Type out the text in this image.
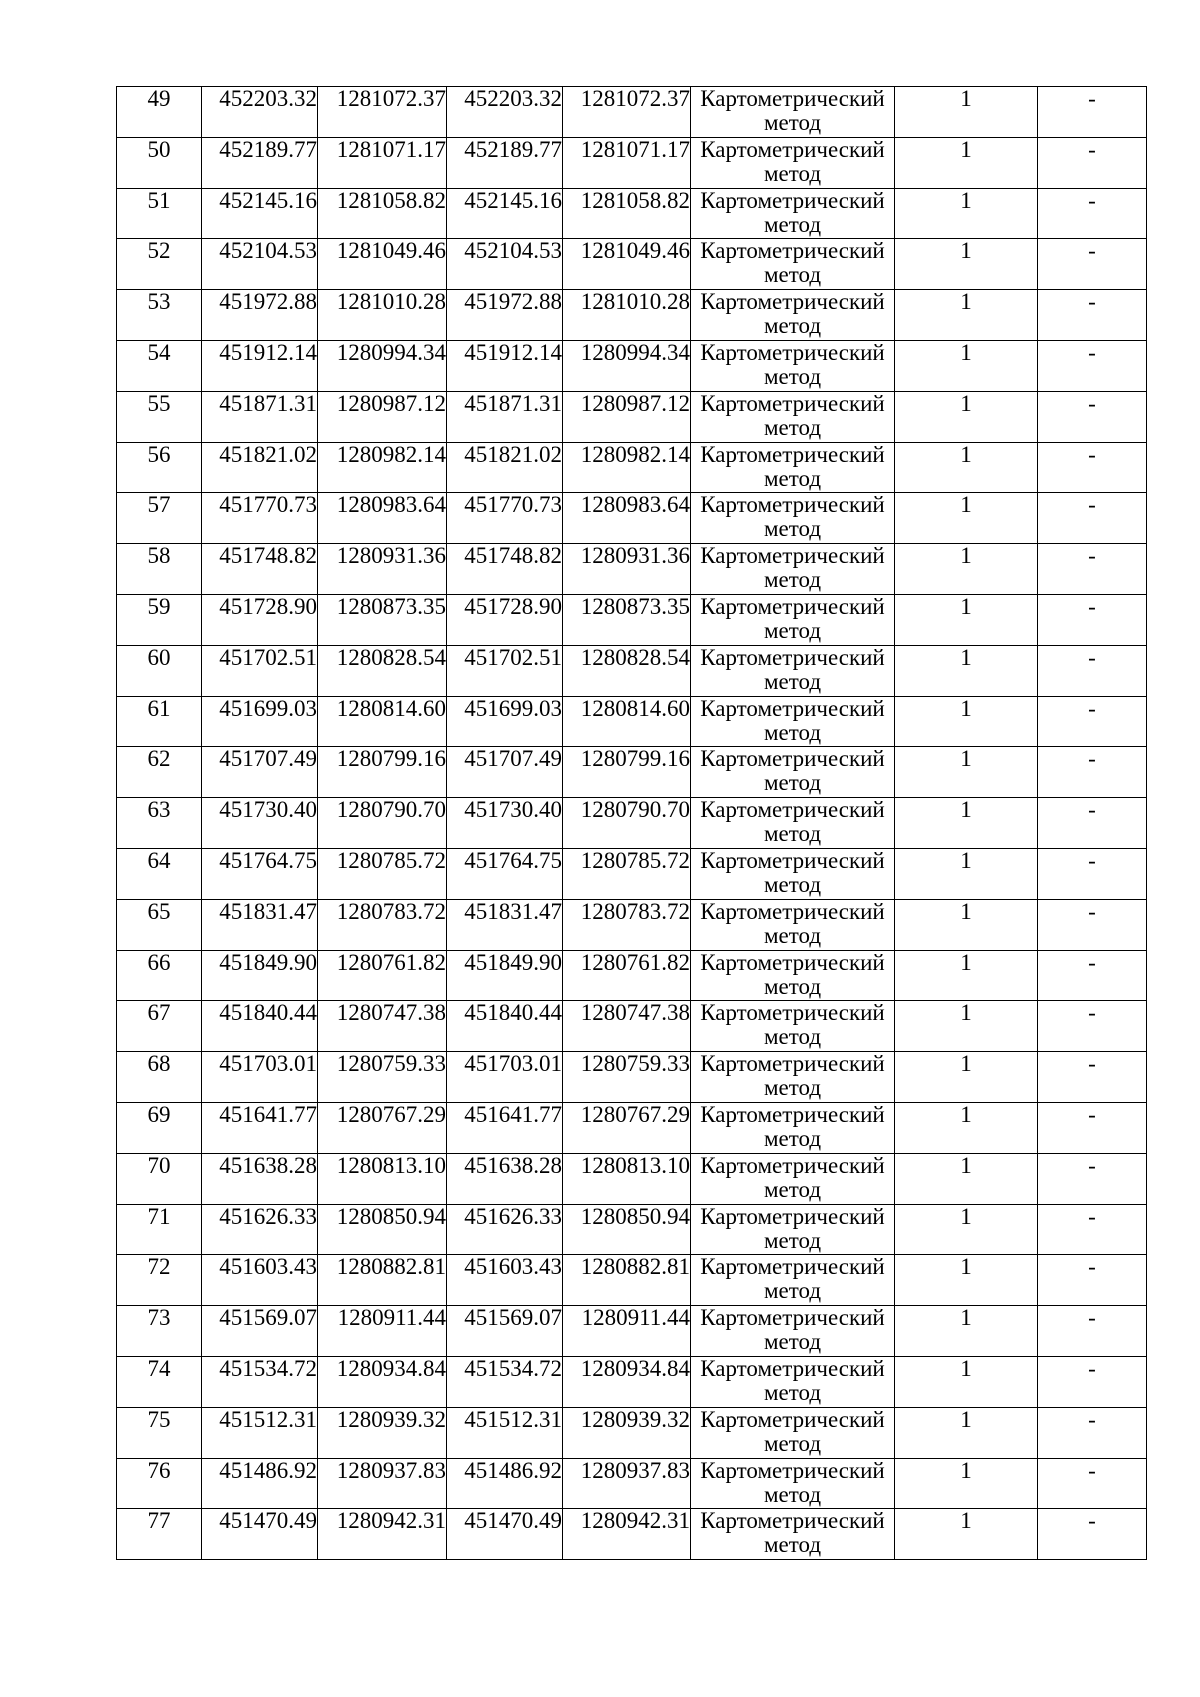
49	452203.32	1281072.37	452203.32	1281072.37	Картометрический
метод	1	-
50	452189.77	1281071.17	452189.77	1281071.17	Картометрический
метод	1	-
51	452145.16	1281058.82	452145.16	1281058.82	Картометрический
метод	1	-
52	452104.53	1281049.46	452104.53	1281049.46	Картометрический
метод	1	-
53	451972.88	1281010.28	451972.88	1281010.28	Картометрический
метод	1	-
54	451912.14	1280994.34	451912.14	1280994.34	Картометрический
метод	1	-
55	451871.31	1280987.12	451871.31	1280987.12	Картометрический
метод	1	-
56	451821.02	1280982.14	451821.02	1280982.14	Картометрический
метод	1	-
57	451770.73	1280983.64	451770.73	1280983.64	Картометрический
метод	1	-
58	451748.82	1280931.36	451748.82	1280931.36	Картометрический
метод	1	-
59	451728.90	1280873.35	451728.90	1280873.35	Картометрический
метод	1	-
60	451702.51	1280828.54	451702.51	1280828.54	Картометрический
метод	1	-
61	451699.03	1280814.60	451699.03	1280814.60	Картометрический
метод	1	-
62	451707.49	1280799.16	451707.49	1280799.16	Картометрический
метод	1	-
63	451730.40	1280790.70	451730.40	1280790.70	Картометрический
метод	1	-
64	451764.75	1280785.72	451764.75	1280785.72	Картометрический
метод	1	-
65	451831.47	1280783.72	451831.47	1280783.72	Картометрический
метод	1	-
66	451849.90	1280761.82	451849.90	1280761.82	Картометрический
метод	1	-
67	451840.44	1280747.38	451840.44	1280747.38	Картометрический
метод	1	-
68	451703.01	1280759.33	451703.01	1280759.33	Картометрический
метод	1	-
69	451641.77	1280767.29	451641.77	1280767.29	Картометрический
метод	1	-
70	451638.28	1280813.10	451638.28	1280813.10	Картометрический
метод	1	-
71	451626.33	1280850.94	451626.33	1280850.94	Картометрический
метод	1	-
72	451603.43	1280882.81	451603.43	1280882.81	Картометрический
метод	1	-
73	451569.07	1280911.44	451569.07	1280911.44	Картометрический
метод	1	-
74	451534.72	1280934.84	451534.72	1280934.84	Картометрический
метод	1	-
75	451512.31	1280939.32	451512.31	1280939.32	Картометрический
метод	1	-
76	451486.92	1280937.83	451486.92	1280937.83	Картометрический
метод	1	-
77	451470.49	1280942.31	451470.49	1280942.31	Картометрический
метод	1	-
